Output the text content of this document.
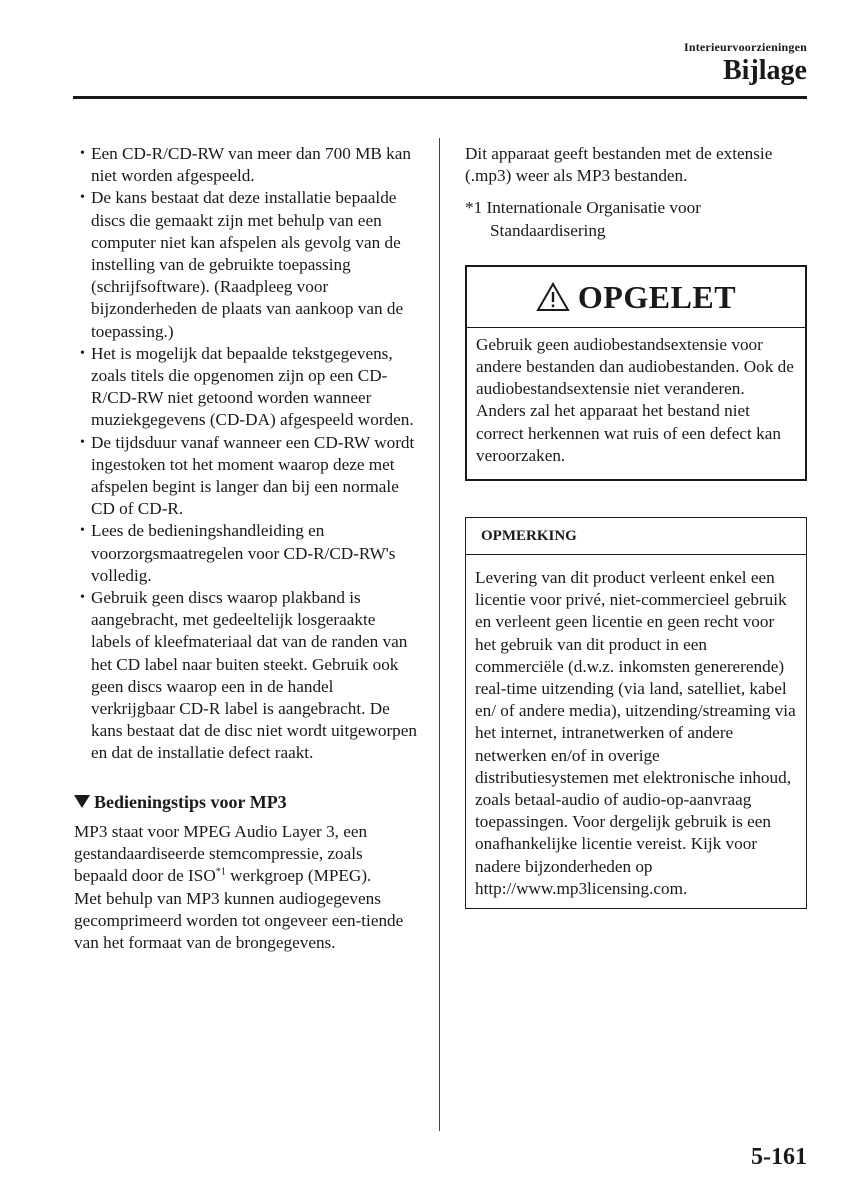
Interieurvoorzieningen
Bijlage
• Een CD-R/CD-RW van meer dan 700 MB kan niet worden afgespeeld.
• De kans bestaat dat deze installatie bepaalde discs die gemaakt zijn met behulp van een computer niet kan afspelen als gevolg van de instelling van de gebruikte toepassing (schrijfsoftware). (Raadpleeg voor bijzonderheden de plaats van aankoop van de toepassing.)
• Het is mogelijk dat bepaalde tekstgegevens, zoals titels die opgenomen zijn op een CD-R/CD-RW niet getoond worden wanneer muziekgegevens (CD-DA) afgespeeld worden.
• De tijdsduur vanaf wanneer een CD-RW wordt ingestoken tot het moment waarop deze met afspelen begint is langer dan bij een normale CD of CD-R.
• Lees de bedieningshandleiding en voorzorgsmaatregelen voor CD-R/CD-RW's volledig.
• Gebruik geen discs waarop plakband is aangebracht, met gedeeltelijk losgeraakte labels of kleefmateriaal dat van de randen van het CD label naar buiten steekt. Gebruik ook geen discs waarop een in de handel verkrijgbaar CD-R label is aangebracht. De kans bestaat dat de disc niet wordt uitgeworpen en dat de installatie defect raakt.
Bedieningstips voor MP3

MP3 staat voor MPEG Audio Layer 3, een gestandaardiseerde stemcompressie, zoals bepaald door de ISO$^{*1}$ werkgroep (MPEG).

Met behulp van MP3 kunnen audiogegevens gecomprimeerd worden tot ongeveer een-tiende van het formaat van de brongegevens.

Dit apparaat geeft bestanden met de extensie (.mp3) weer als MP3 bestanden.

*1 Internationale Organisatie voor Standaardisering

OPGELET
Gebruik geen audiobestandsextensie voor andere bestanden dan audiobestanden. Ook de audiobestandsextensie niet veranderen. Anders zal het apparaat het bestand niet correct herkennen wat ruis of een defect kan veroorzaken.
OPMERKING
Levering van dit product verleent enkel een licentie voor privé, niet-commercieel gebruik en verleent geen licentie en geen recht voor het gebruik van dit product in een commerciële (d.w.z. inkomsten genererende) real-time uitzending (via land, satelliet, kabel en/ of andere media), uitzending/streaming via het internet, intranetwerken of andere netwerken en/of in overige distributiesystemen met elektronische inhoud, zoals betaal-audio of audio-op-aanvraag toepassingen. Voor dergelijk gebruik is een onafhankelijke licentie vereist. Kijk voor nadere bijzonderheden op http://www.mp3licensing.com.
5-161
